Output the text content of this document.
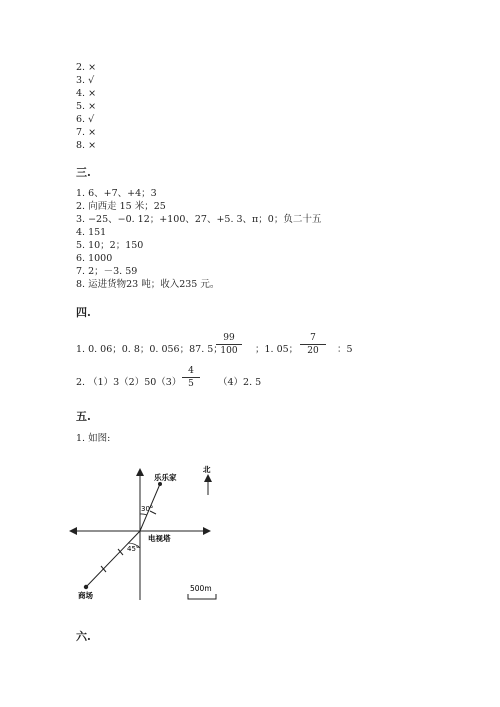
2. ×
3. √
4. ×
5. ×
6. √
7. ×
8. ×
三.
1. 6、+7、+4；3
2. 向西走 15 米；25
3. −25、−0. 12；+100、27、+5. 3、π；0；负二十五
4. 151
5. 10；2；150
6. 1000
7. 2；－3. 59
8. 运进货物23 吨；收入235 元。
四.
1. 0. 06；0. 8；0. 056；87. 5；
99
100	；1. 05；
7
20	：5
2. （1）3（2）50（3）
4
5	（4）2. 5
五.
1. 如图:
乐乐家
北
30°
电视塔
45°
商场
500m
六.
